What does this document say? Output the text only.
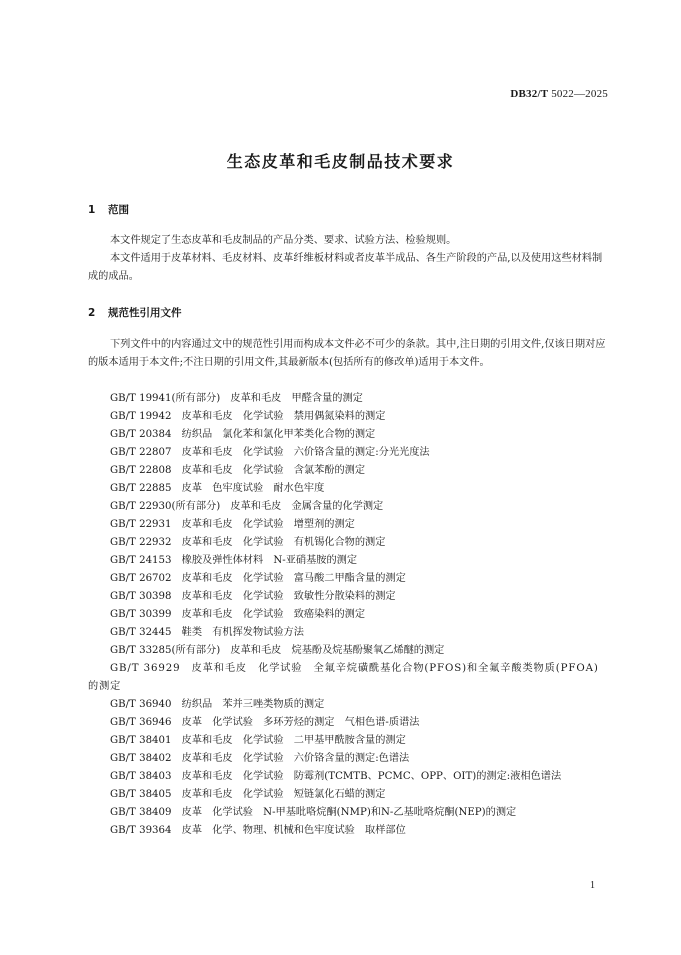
DB32/T 5022—2025
生态皮革和毛皮制品技术要求
1 范围
本文件规定了生态皮革和毛皮制品的产品分类、要求、试验方法、检验规则。
本文件适用于皮革材料、毛皮材料、皮革纤维板材料或者皮革半成品、各生产阶段的产品,以及使用这些材料制成的成品。
2 规范性引用文件
下列文件中的内容通过文中的规范性引用而构成本文件必不可少的条款。其中,注日期的引用文件,仅该日期对应的版本适用于本文件;不注日期的引用文件,其最新版本(包括所有的修改单)适用于本文件。
GB/T 19941(所有部分)　皮革和毛皮　甲醛含量的测定
GB/T 19942　皮革和毛皮　化学试验　禁用偶氮染料的测定
GB/T 20384　纺织品　氯化苯和氯化甲苯类化合物的测定
GB/T 22807　皮革和毛皮　化学试验　六价铬含量的测定:分光光度法
GB/T 22808　皮革和毛皮　化学试验　含氯苯酚的测定
GB/T 22885　皮革　色牢度试验　耐水色牢度
GB/T 22930(所有部分)　皮革和毛皮　金属含量的化学测定
GB/T 22931　皮革和毛皮　化学试验　增塑剂的测定
GB/T 22932　皮革和毛皮　化学试验　有机锡化合物的测定
GB/T 24153　橡胶及弹性体材料　N-亚硝基胺的测定
GB/T 26702　皮革和毛皮　化学试验　富马酸二甲酯含量的测定
GB/T 30398　皮革和毛皮　化学试验　致敏性分散染料的测定
GB/T 30399　皮革和毛皮　化学试验　致癌染料的测定
GB/T 32445　鞋类　有机挥发物试验方法
GB/T 33285(所有部分)　皮革和毛皮　烷基酚及烷基酚聚氧乙烯醚的测定
GB/T 36929　皮革和毛皮　化学试验　全氟辛烷磺酰基化合物(PFOS)和全氟辛酸类物质(PFOA)的测定
GB/T 36940　纺织品　苯并三唑类物质的测定
GB/T 36946　皮革　化学试验　多环芳烃的测定　气相色谱-质谱法
GB/T 38401　皮革和毛皮　化学试验　二甲基甲酰胺含量的测定
GB/T 38402　皮革和毛皮　化学试验　六价铬含量的测定:色谱法
GB/T 38403　皮革和毛皮　化学试验　防霉剂(TCMTB、PCMC、OPP、OIT)的测定:液相色谱法
GB/T 38405　皮革和毛皮　化学试验　短链氯化石蜡的测定
GB/T 38409　皮革　化学试验　N-甲基吡咯烷酮(NMP)和N-乙基吡咯烷酮(NEP)的测定
GB/T 39364　皮革　化学、物理、机械和色牢度试验　取样部位
1
